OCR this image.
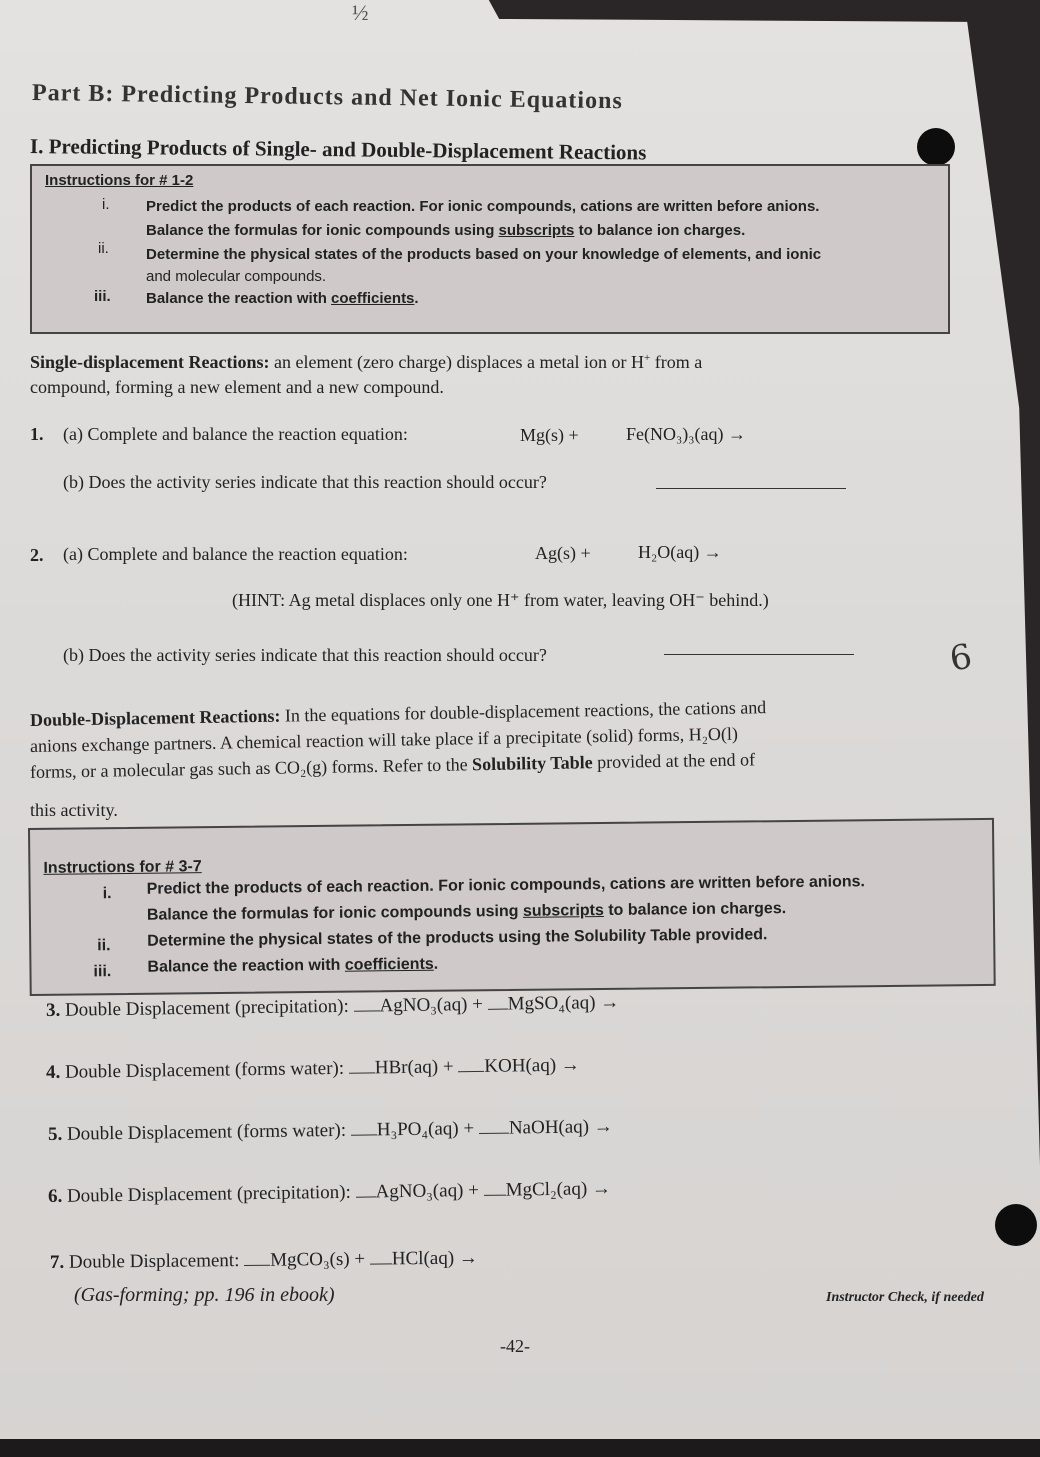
½
Part B: Predicting Products and Net Ionic Equations
I. Predicting Products of Single- and Double-Displacement Reactions
Instructions for # 1-2
i. Predict the products of each reaction. For ionic compounds, cations are written before anions.
Balance the formulas for ionic compounds using subscripts to balance ion charges.
ii. Determine the physical states of the products based on your knowledge of elements, and ionic
and molecular compounds.
iii. Balance the reaction with coefficients.
Single-displacement Reactions: an element (zero charge) displaces a metal ion or H+ from a
compound, forming a new element and a new compound.
1. (a) Complete and balance the reaction equation:	Mg(s) +	Fe(NO₃)₃(aq) →
(b) Does the activity series indicate that this reaction should occur?
2. (a) Complete and balance the reaction equation:	Ag(s) +	H₂O(aq) →
(HINT: Ag metal displaces only one H⁺ from water, leaving OH⁻ behind.)
(b) Does the activity series indicate that this reaction should occur?	6
Double-Displacement Reactions: In the equations for double-displacement reactions, the cations and
anions exchange partners. A chemical reaction will take place if a precipitate (solid) forms, H₂O(l)
forms, or a molecular gas such as CO₂(g) forms. Refer to the Solubility Table provided at the end of
this activity.
Instructions for # 3-7
i. Predict the products of each reaction. For ionic compounds, cations are written before anions.
Balance the formulas for ionic compounds using subscripts to balance ion charges.
ii. Determine the physical states of the products using the Solubility Table provided.
iii. Balance the reaction with coefficients.
3. Double Displacement (precipitation): AgNO₃(aq) + MgSO₄(aq) →
4. Double Displacement (forms water): HBr(aq) + KOH(aq) →
5. Double Displacement (forms water): H₃PO₄(aq) + NaOH(aq) →
6. Double Displacement (precipitation): AgNO₃(aq) + MgCl₂(aq) →
7. Double Displacement: MgCO₃(s) + HCl(aq) →
(Gas-forming; pp. 196 in ebook)	Instructor Check, if needed
-42-
